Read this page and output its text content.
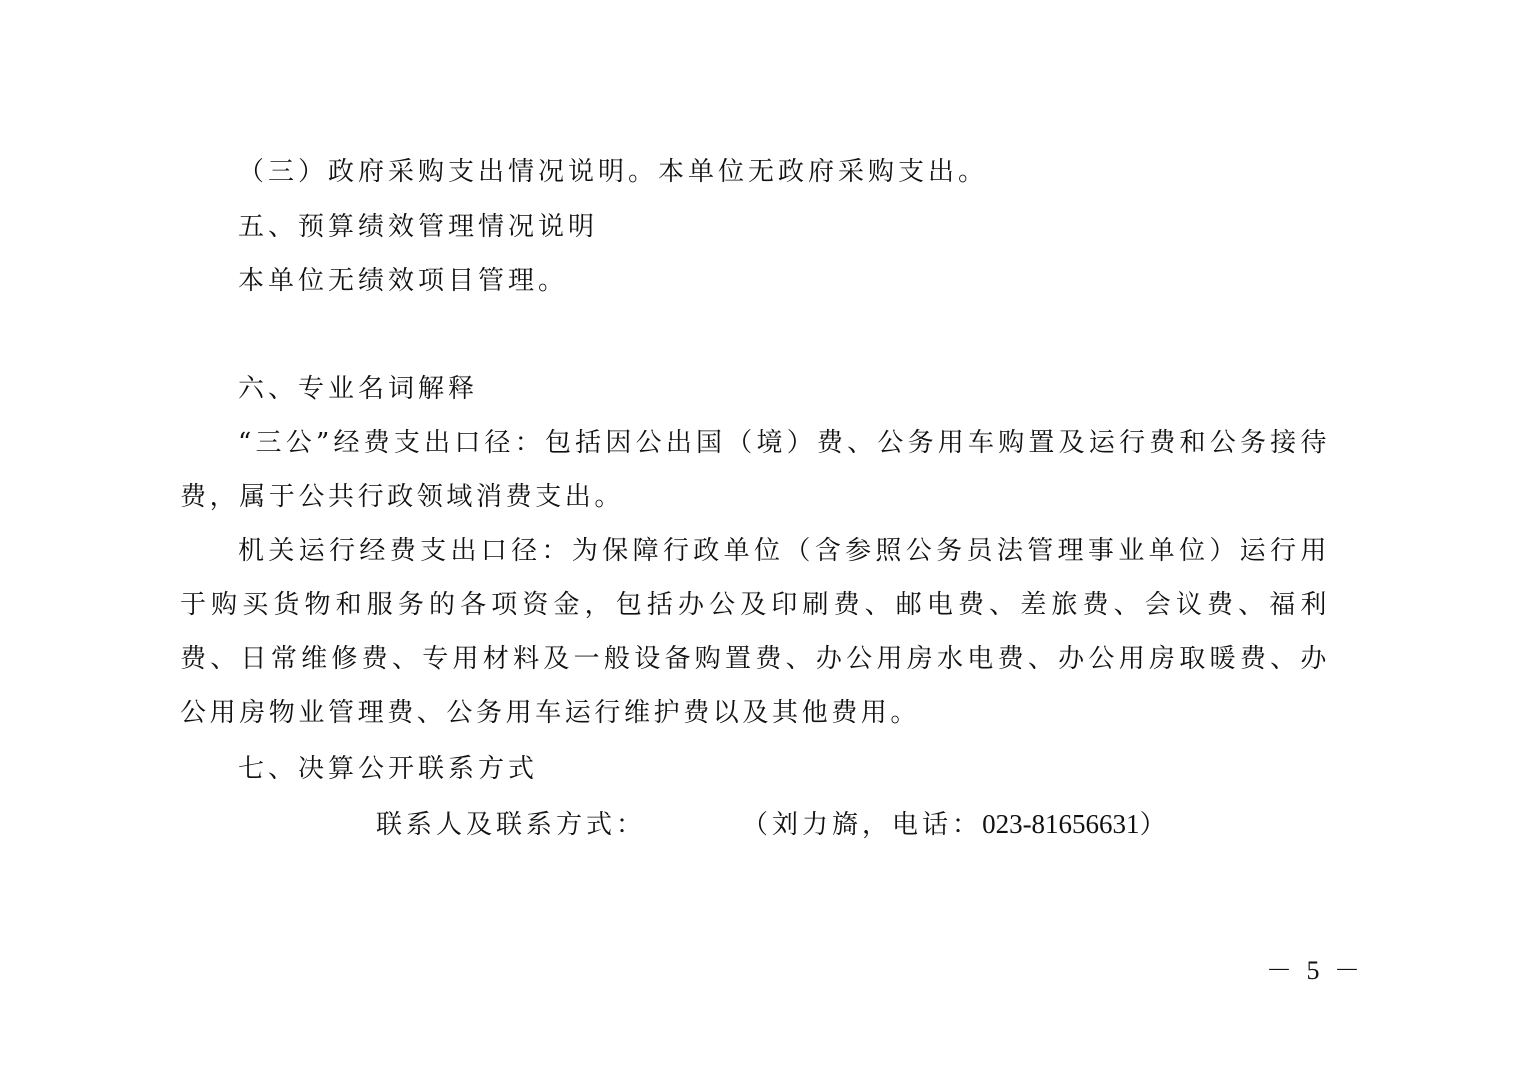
（三）政府采购支出情况说明。本单位无政府采购支出。
五、预算绩效管理情况说明
本单位无绩效项目管理。
六、专业名词解释
“三公”经费支出口径：包括因公出国（境）费、公务用车购置及运行费和公务接待费，属于公共行政领域消费支出。
机关运行经费支出口径：为保障行政单位（含参照公务员法管理事业单位）运行用于购买货物和服务的各项资金，包括办公及印刷费、邮电费、差旅费、会议费、福利费、日常维修费、专用材料及一般设备购置费、办公用房水电费、办公用房取暖费、办公用房物业管理费、公务用车运行维护费以及其他费用。
七、决算公开联系方式
联系人及联系方式：	（刘力旖，电话：023-81656631）
－ 5 －
